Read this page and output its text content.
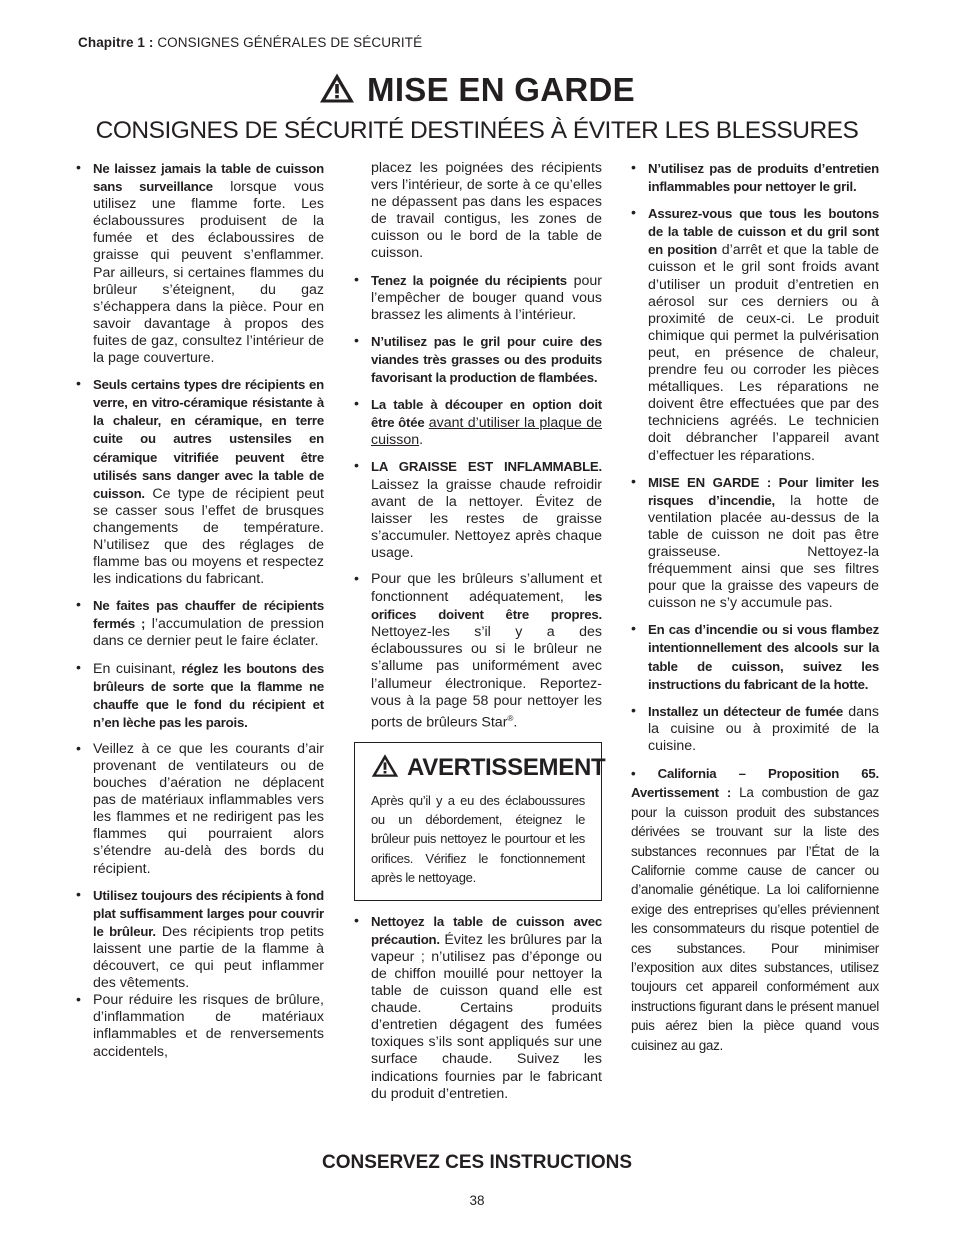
Chapitre 1 : CONSIGNES GÉNÉRALES DE SÉCURITÉ
MISE EN GARDE
CONSIGNES DE SÉCURITÉ DESTINÉES À ÉVITER LES BLESSURES
• Ne laissez jamais la table de cuisson sans surveillance lorsque vous utilisez une flamme forte. Les éclaboussures produisent de la fumée et des éclaboussires de graisse qui peuvent s’enflammer. Par ailleurs, si certaines flammes du brûleur s’éteignent, du gaz s’échappera dans la pièce. Pour en savoir davantage à propos des fuites de gaz, consultez l’intérieur de la page couverture.
• Seuls certains types dre récipients en verre, en vitro-céramique résistante à la chaleur, en céramique, en terre cuite ou autres ustensiles en céramique vitrifiée peuvent être utilisés sans danger avec la table de cuisson. Ce type de récipient peut se casser sous l’effet de brusques changements de température. N’utilisez que des réglages de flamme bas ou moyens et respectez les indications du fabricant.
• Ne faites pas chauffer de récipients fermés ; l’accumulation de pression dans ce dernier peut le faire éclater.
• En cuisinant, réglez les boutons des brûleurs de sorte que la flamme ne chauffe que le fond du récipient et n’en lèche pas les parois.
• Veillez à ce que les courants d’air provenant de ventilateurs ou de bouches d’aération ne déplacent pas de matériaux inflammables vers les flammes et ne redirigent pas les flammes qui pourraient alors s’étendre au-delà des bords du récipient.
• Utilisez toujours des récipients à fond plat suffisamment larges pour couvrir le brûleur. Des récipients trop petits laissent une partie de la flamme à découvert, ce qui peut inflammer des vêtements.
• Pour réduire les risques de brûlure, d’inflammation de matériaux inflammables et de renversements accidentels,
placez les poignées des récipients vers l’intérieur, de sorte à ce qu’elles ne dépassent pas dans les espaces de travail contigus, les zones de cuisson ou le bord de la table de cuisson.
• Tenez la poignée du récipients pour l’empêcher de bouger quand vous brassez les aliments à l’intérieur.
• N’utilisez pas le gril pour cuire des viandes très grasses ou des produits favorisant la production de flambées.
• La table à découper en option doit être ôtée avant d’utiliser la plaque de cuisson.
• LA GRAISSE EST INFLAMMABLE. Laissez la graisse chaude refroidir avant de la nettoyer. Évitez de laisser les restes de graisse s’accumuler. Nettoyez après chaque usage.
• Pour que les brûleurs s’allument et fonctionnent adéquatement, les orifices doivent être propres. Nettoyez-les s’il y a des éclaboussures ou si le brûleur ne s’allume pas uniformément avec l’allumeur électronique. Reportez-vous à la page 58 pour nettoyer les ports de brûleurs Star®.
AVERTISSEMENT
Après qu’il y a eu des éclaboussures ou un débordement, éteignez le brûleur puis nettoyez le pourtour et les orifices. Vérifiez le fonctionnement après le nettoyage.
• Nettoyez la table de cuisson avec précaution. Évitez les brûlures par la vapeur ; n’utilisez pas d’éponge ou de chiffon mouillé pour nettoyer la table de cuisson quand elle est chaude. Certains produits d’entretien dégagent des fumées toxiques s’ils sont appliqués sur une surface chaude. Suivez les indications fournies par le fabricant du produit d’entretien.
• N’utilisez pas de produits d’entretien inflammables pour nettoyer le gril.
• Assurez-vous que tous les boutons de la table de cuisson et du gril sont en position d’arrêt et que la table de cuisson et le gril sont froids avant d’utiliser un produit d’entretien en aérosol sur ces derniers ou à proximité de ceux-ci. Le produit chimique qui permet la pulvérisation peut, en présence de chaleur, prendre feu ou corroder les pièces métalliques. Les réparations ne doivent être effectuées que par des techniciens agréés. Le technicien doit débrancher l’appareil avant d’effectuer les réparations.
• MISE EN GARDE : Pour limiter les risques d’incendie, la hotte de ventilation placée au-dessus de la table de cuisson ne doit pas être graisseuse. Nettoyez-la fréquemment ainsi que ses filtres pour que la graisse des vapeurs de cuisson ne s’y accumule pas.
• En cas d’incendie ou si vous flambez intentionnellement des alcools sur la table de cuisson, suivez les instructions du fabricant de la hotte.
• Installez un détecteur de fumée dans la cuisine ou à proximité de la cuisine.
• California – Proposition 65. Avertissement : La combustion de gaz pour la cuisson produit des substances dérivées se trouvant sur la liste des substances reconnues par l’État de la Californie comme cause de cancer ou d’anomalie génétique. La loi californienne exige des entreprises qu’elles préviennent les consommateurs du risque potentiel de ces substances. Pour minimiser l’exposition aux dites substances, utilisez toujours cet appareil conformément aux instructions figurant dans le présent manuel puis aérez bien la pièce quand vous cuisinez au gaz.
CONSERVEZ CES INSTRUCTIONS
38
